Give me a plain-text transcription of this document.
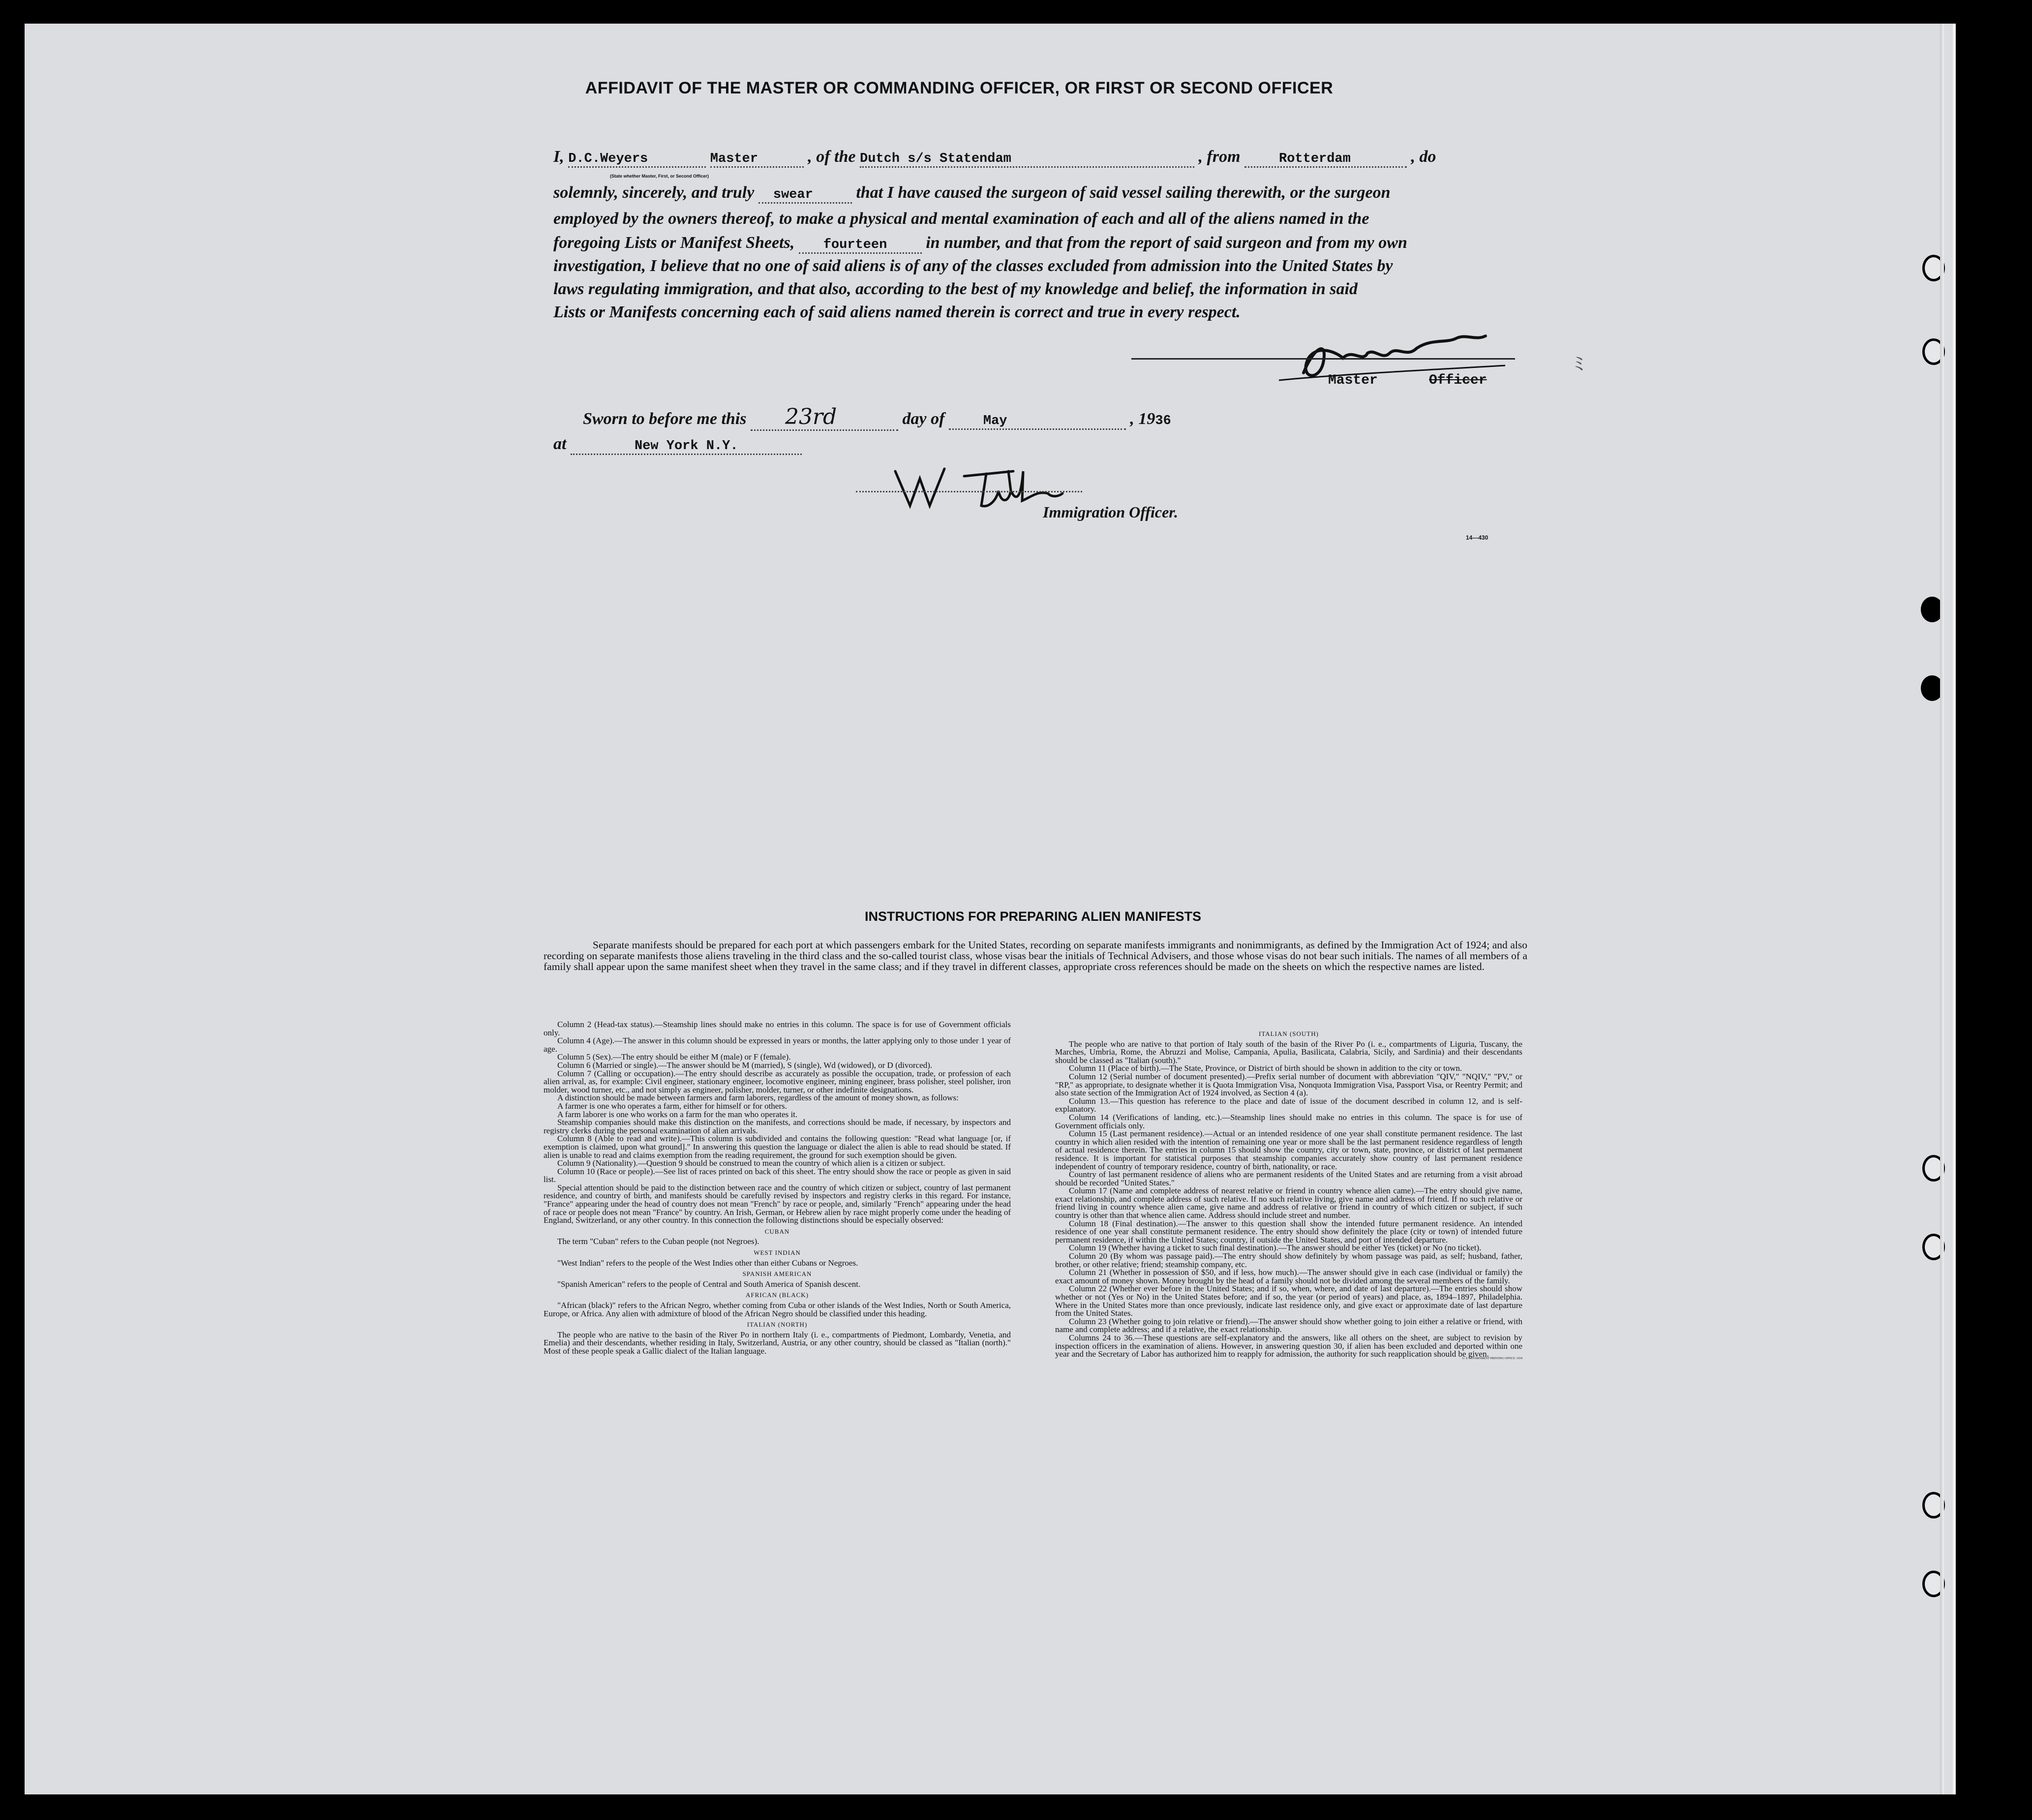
AFFIDAVIT OF THE MASTER OR COMMANDING OFFICER, OR FIRST OR SECOND OFFICER
I, D.C.Weyers	Master	, of the Dutch s/s Statendam	, from	Rotterdam	, do
(State whether Master, First, or Second Officer)
solemnly, sincerely, and truly swear	that I have caused the surgeon of said vessel sailing therewith, or the surgeon
employed by the owners thereof, to make a physical and mental examination of each and all of the aliens named in the
foregoing Lists or Manifest Sheets, fourteen in number, and that from the report of said surgeon and from my own
investigation, I believe that no one of said aliens is of any of the classes excluded from admission into the United States by
laws regulating immigration, and that also, according to the best of my knowledge and belief, the information in said
Lists or Manifests concerning each of said aliens named therein is correct and true in every respect.
Master	Officer
ﾐ
Sworn to before me this 23rd	day of	May	, 1936
at	New York N.Y.
Immigration Officer.
14—430
INSTRUCTIONS FOR PREPARING ALIEN MANIFESTS
Separate manifests should be prepared for each port at which passengers embark for the United States, recording on separate manifests immigrants and nonimmigrants, as defined by the Immigration Act of 1924; and also recording on separate manifests those aliens traveling in the third class and the so-called tourist class, whose visas bear the initials of Technical Advisers, and those whose visas do not bear such initials. The names of all members of a family shall appear upon the same manifest sheet when they travel in the same class; and if they travel in different classes, appropriate cross references should be made on the sheets on which the respective names are listed.

Column 2 (Head-tax status).—Steamship lines should make no entries in this column. The space is for use of Government officials only.

Column 4 (Age).—The answer in this column should be expressed in years or months, the latter applying only to those under 1 year of age.

Column 5 (Sex).—The entry should be either M (male) or F (female).

Column 6 (Married or single).—The answer should be M (married), S (single), Wd (widowed), or D (divorced).

Column 7 (Calling or occupation).—The entry should describe as accurately as possible the occupation, trade, or profession of each alien arrival, as, for example: Civil engineer, stationary engineer, locomotive engineer, mining engineer, brass polisher, steel polisher, iron molder, wood turner, etc., and not simply as engineer, polisher, molder, turner, or other indefinite designations.

A distinction should be made between farmers and farm laborers, regardless of the amount of money shown, as follows:

A farmer is one who operates a farm, either for himself or for others.

A farm laborer is one who works on a farm for the man who operates it.

Steamship companies should make this distinction on the manifests, and corrections should be made, if necessary, by inspectors and registry clerks during the personal examination of alien arrivals.

Column 8 (Able to read and write).—This column is subdivided and contains the following question: "Read what language [or, if exemption is claimed, upon what ground]." In answering this question the language or dialect the alien is able to read should be stated. If alien is unable to read and claims exemption from the reading requirement, the ground for such exemption should be given.

Column 9 (Nationality).—Question 9 should be construed to mean the country of which alien is a citizen or subject.

Column 10 (Race or people).—See list of races printed on back of this sheet. The entry should show the race or people as given in said list.

Special attention should be paid to the distinction between race and the country of which citizen or subject, country of last permanent residence, and country of birth, and manifests should be carefully revised by inspectors and registry clerks in this regard. For instance, "France" appearing under the head of country does not mean "French" by race or people, and, similarly "French" appearing under the head of race or people does not mean "France" by country. An Irish, German, or Hebrew alien by race might properly come under the heading of England, Switzerland, or any other country. In this connection the following distinctions should be especially observed:

CUBAN

The term "Cuban" refers to the Cuban people (not Negroes).

WEST INDIAN

"West Indian" refers to the people of the West Indies other than either Cubans or Negroes.

SPANISH AMERICAN

"Spanish American" refers to the people of Central and South America of Spanish descent.

AFRICAN (BLACK)

"African (black)" refers to the African Negro, whether coming from Cuba or other islands of the West Indies, North or South America, Europe, or Africa. Any alien with admixture of blood of the African Negro should be classified under this heading.

ITALIAN (NORTH)

The people who are native to the basin of the River Po in northern Italy (i. e., compartments of Piedmont, Lombardy, Venetia, and Emelia) and their descendants, whether residing in Italy, Switzerland, Austria, or any other country, should be classed as "Italian (north)." Most of these people speak a Gallic dialect of the Italian language.

ITALIAN (SOUTH)

The people who are native to that portion of Italy south of the basin of the River Po (i. e., compartments of Liguria, Tuscany, the Marches, Umbria, Rome, the Abruzzi and Molise, Campania, Apulia, Basilicata, Calabria, Sicily, and Sardinia) and their descendants should be classed as "Italian (south)."

Column 11 (Place of birth).—The State, Province, or District of birth should be shown in addition to the city or town.

Column 12 (Serial number of document presented).—Prefix serial number of document with abbreviation "QIV," "NQIV," "PV," or "RP," as appropriate, to designate whether it is Quota Immigration Visa, Nonquota Immigration Visa, Passport Visa, or Reentry Permit; and also state section of the Immigration Act of 1924 involved, as Section 4 (a).

Column 13.—This question has reference to the place and date of issue of the document described in column 12, and is self-explanatory.

Column 14 (Verifications of landing, etc.).—Steamship lines should make no entries in this column. The space is for use of Government officials only.

Column 15 (Last permanent residence).—Actual or an intended residence of one year shall constitute permanent residence. The last country in which alien resided with the intention of remaining one year or more shall be the last permanent residence regardless of length of actual residence therein. The entries in column 15 should show the country, city or town, state, province, or district of last permanent residence. It is important for statistical purposes that steamship companies accurately show country of last permanent residence independent of country of temporary residence, country of birth, nationality, or race.

Country of last permanent residence of aliens who are permanent residents of the United States and are returning from a visit abroad should be recorded "United States."

Column 17 (Name and complete address of nearest relative or friend in country whence alien came).—The entry should give name, exact relationship, and complete address of such relative. If no such relative living, give name and address of friend. If no such relative or friend living in country whence alien came, give name and address of relative or friend in country of which citizen or subject, if such country is other than that whence alien came. Address should include street and number.

Column 18 (Final destination).—The answer to this question shall show the intended future permanent residence. An intended residence of one year shall constitute permanent residence. The entry should show definitely the place (city or town) of intended future permanent residence, if within the United States; country, if outside the United States, and port of intended departure.

Column 19 (Whether having a ticket to such final destination).—The answer should be either Yes (ticket) or No (no ticket).

Column 20 (By whom was passage paid).—The entry should show definitely by whom passage was paid, as self; husband, father, brother, or other relative; friend; steamship company, etc.

Column 21 (Whether in possession of $50, and if less, how much).—The answer should give in each case (individual or family) the exact amount of money shown. Money brought by the head of a family should not be divided among the several members of the family.

Column 22 (Whether ever before in the United States; and if so, when, where, and date of last departure).—The entries should show whether or not (Yes or No) in the United States before; and if so, the year (or period of years) and place, as, 1894–1897, Philadelphia. Where in the United States more than once previously, indicate last residence only, and give exact or approximate date of last departure from the United States.

Column 23 (Whether going to join relative or friend).—The answer should show whether going to join either a relative or friend, with name and complete address; and if a relative, the exact relationship.

Columns 24 to 36.—These questions are self-explanatory and the answers, like all others on the sheet, are subject to revision by inspection officers in the examination of aliens. However, in answering question 30, if alien has been excluded and deported within one year and the Secretary of Labor has authorized him to reapply for admission, the authority for such reapplication should be given.

U. S. GOVERNMENT PRINTING OFFICE: 1934
